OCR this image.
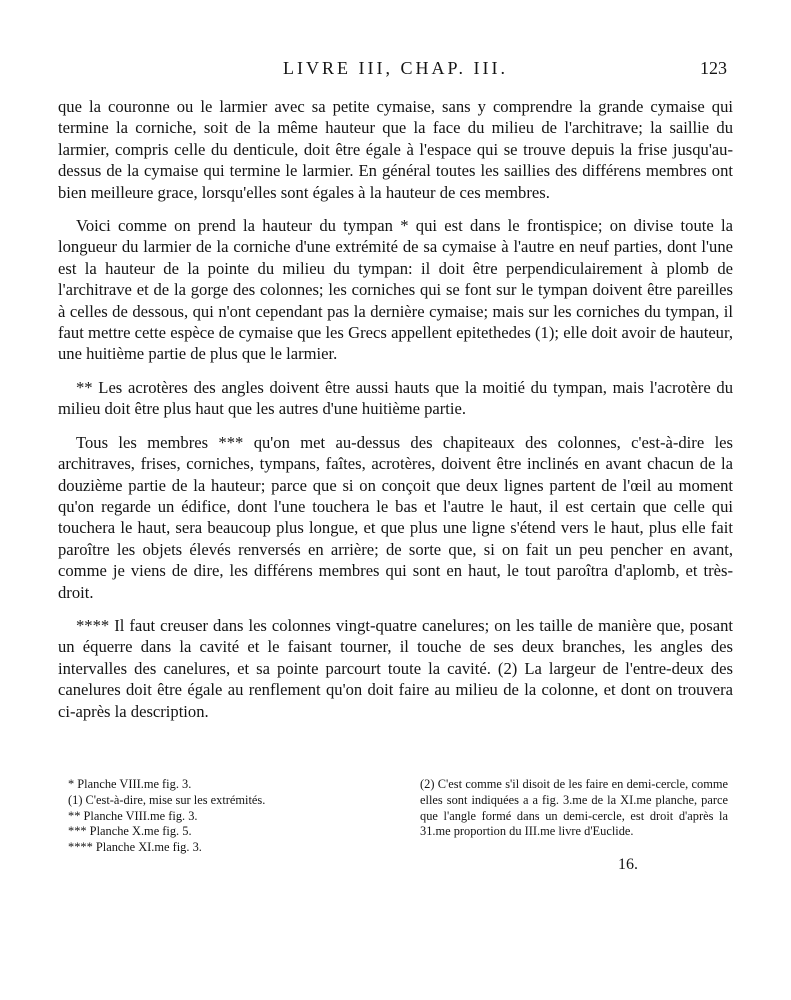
LIVRE III, CHAP. III.	123

que la couronne ou le larmier avec sa petite cymaise, sans y comprendre la grande cymaise qui termine la corniche, soit de la même hauteur que la face du milieu de l'architrave; la saillie du larmier, compris celle du denticule, doit être égale à l'espace qui se trouve depuis la frise jusqu'au-dessus de la cymaise qui termine le larmier. En général toutes les saillies des différens membres ont bien meilleure grace, lorsqu'elles sont égales à la hauteur de ces membres.

Voici comme on prend la hauteur du tympan * qui est dans le frontispice; on divise toute la longueur du larmier de la corniche d'une extrémité de sa cymaise à l'autre en neuf parties, dont l'une est la hauteur de la pointe du milieu du tympan: il doit être perpendiculairement à plomb de l'architrave et de la gorge des colonnes; les corniches qui se font sur le tympan doivent être pareilles à celles de dessous, qui n'ont cependant pas la dernière cymaise; mais sur les corniches du tympan, il faut mettre cette espèce de cymaise que les Grecs appellent epitethedes (1); elle doit avoir de hauteur, une huitième partie de plus que le larmier.

** Les acrotères des angles doivent être aussi hauts que la moitié du tympan, mais l'acrotère du milieu doit être plus haut que les autres d'une huitième partie.

Tous les membres *** qu'on met au-dessus des chapiteaux des colonnes, c'est-à-dire les architraves, frises, corniches, tympans, faîtes, acrotères, doivent être inclinés en avant chacun de la douzième partie de la hauteur; parce que si on conçoit que deux lignes partent de l'œil au moment qu'on regarde un édifice, dont l'une touchera le bas et l'autre le haut, il est certain que celle qui touchera le haut, sera beaucoup plus longue, et que plus une ligne s'étend vers le haut, plus elle fait paroître les objets élevés renversés en arrière; de sorte que, si on fait un peu pencher en avant, comme je viens de dire, les différens membres qui sont en haut, le tout paroîtra d'aplomb, et très-droit.

**** Il faut creuser dans les colonnes vingt-quatre canelures; on les taille de manière que, posant un équerre dans la cavité et le faisant tourner, il touche de ses deux branches, les angles des intervalles des canelures, et sa pointe parcourt toute la cavité. (2) La largeur de l'entre-deux des canelures doit être égale au renflement qu'on doit faire au milieu de la colonne, et dont on trouvera ci-après la description.

* Planche VIII.me fig. 3.
(1) C'est-à-dire, mise sur les extrémités.
** Planche VIII.me fig. 3.
*** Planche X.me fig. 5.
**** Planche XI.me fig. 3.
(2) C'est comme s'il disoit de les faire en demi-cercle, comme elles sont indiquées a a fig. 3.me de la XI.me planche, parce que l'angle formé dans un demi-cercle, est droit d'après la 31.me proportion du III.me livre d'Euclide.
16.
